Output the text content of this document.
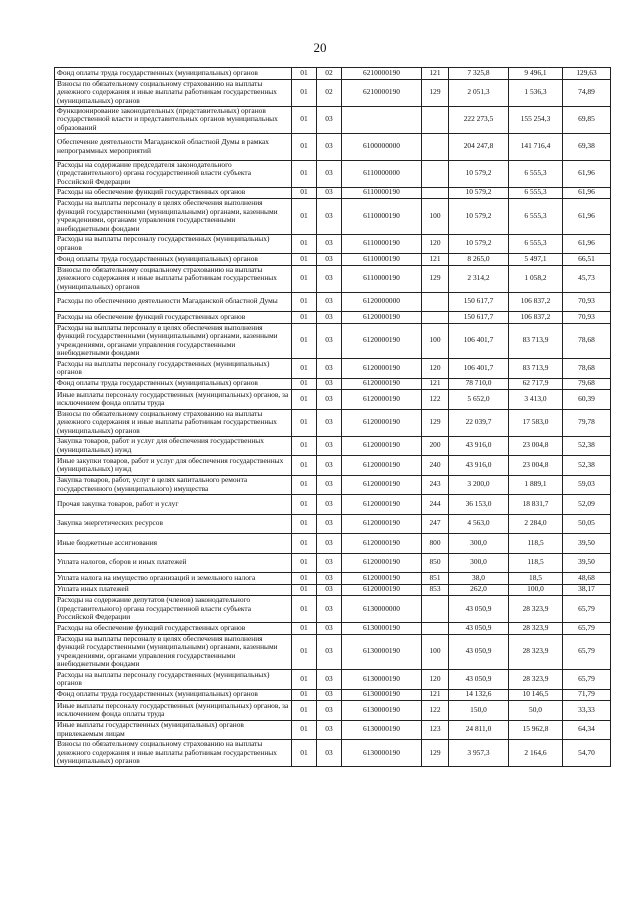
20
Фонд оплаты труда государственных (муниципальных) органов	01	02	6210000190	121	7 325,8	9 496,1	129,63
Взносы по обязательному социальному страхованию на выплаты денежного содержания и иные выплаты работникам государственных (муниципальных) органов	01	02	6210000190	129	2 051,3	1 536,3	74,89
Функционирование законодательных (представительных) органов государственной власти и представительных органов муниципальных образований	01	03			222 273,5	155 254,3	69,85
Обеспечение деятельности Магаданской областной Думы в рамках непрограммных мероприятий	01	03	6100000000		204 247,8	141 716,4	69,38
Расходы на содержание председателя законодательного (представительного) органа государственной власти субъекта Российской Федерации	01	03	6110000000		10 579,2	6 555,3	61,96
Расходы на обеспечение функций государственных органов	01	03	6110000190		10 579,2	6 555,3	61,96
Расходы на выплаты персоналу в целях обеспечения выполнения функций государственными (муниципальными) органами, казенными учреждениями, органами управления государственными внебюджетными фондами	01	03	6110000190	100	10 579,2	6 555,3	61,96
Расходы на выплаты персоналу государственных (муниципальных) органов	01	03	6110000190	120	10 579,2	6 555,3	61,96
Фонд оплаты труда государственных (муниципальных) органов	01	03	6110000190	121	8 265,0	5 497,1	66,51
Взносы по обязательному социальному страхованию на выплаты денежного содержания и иные выплаты работникам государственных (муниципальных) органов	01	03	6110000190	129	2 314,2	1 058,2	45,73
Расходы по обеспечению деятельности Магаданской областной Думы	01	03	6120000000		150 617,7	106 837,2	70,93
Расходы на обеспечение функций государственных органов	01	03	6120000190		150 617,7	106 837,2	70,93
Расходы на выплаты персоналу в целях обеспечения выполнения функций государственными (муниципальными) органами, казенными учреждениями, органами управления государственными внебюджетными фондами	01	03	6120000190	100	106 401,7	83 713,9	78,68
Расходы на выплаты персоналу государственных (муниципальных) органов	01	03	6120000190	120	106 401,7	83 713,9	78,68
Фонд оплаты труда государственных (муниципальных) органов	01	03	6120000190	121	78 710,0	62 717,9	79,68
Иные выплаты персоналу государственных (муниципальных) органов, за исключением фонда оплаты труда	01	03	6120000190	122	5 652,0	3 413,0	60,39
Взносы по обязательному социальному страхованию на выплаты денежного содержания и иные выплаты работникам государственных (муниципальных) органов	01	03	6120000190	129	22 039,7	17 583,0	79,78
Закупка товаров, работ и услуг для обеспечения государственных (муниципальных) нужд	01	03	6120000190	200	43 916,0	23 004,8	52,38
Иные закупки товаров, работ и услуг для обеспечения государственных (муниципальных) нужд	01	03	6120000190	240	43 916,0	23 004,8	52,38
Закупка товаров, работ, услуг в целях капитального ремонта государственного (муниципального) имущества	01	03	6120000190	243	3 200,0	1 889,1	59,03
Прочая закупка товаров, работ и услуг	01	03	6120000190	244	36 153,0	18 831,7	52,09
Закупка энергетических ресурсов	01	03	6120000190	247	4 563,0	2 284,0	50,05
Иные бюджетные ассигнования	01	03	6120000190	800	300,0	118,5	39,50
Уплата налогов, сборов и иных платежей	01	03	6120000190	850	300,0	118,5	39,50
Уплата налога на имущество организаций и земельного налога	01	03	6120000190	851	38,0	18,5	48,68
Уплата иных платежей	01	03	6120000190	853	262,0	100,0	38,17
Расходы на содержание депутатов (членов) законодательного (представительного) органа государственной власти субъекта Российской Федерации	01	03	6130000000		43 050,9	28 323,9	65,79
Расходы на обеспечение функций государственных органов	01	03	6130000190		43 050,9	28 323,9	65,79
Расходы на выплаты персоналу в целях обеспечения выполнения функций государственными (муниципальными) органами, казенными учреждениями, органами управления государственными внебюджетными фондами	01	03	6130000190	100	43 050,9	28 323,9	65,79
Расходы на выплаты персоналу государственных (муниципальных) органов	01	03	6130000190	120	43 050,9	28 323,9	65,79
Фонд оплаты труда государственных (муниципальных) органов	01	03	6130000190	121	14 132,6	10 146,5	71,79
Иные выплаты персоналу государственных (муниципальных) органов, за исключением фонда оплаты труда	01	03	6130000190	122	150,0	50,0	33,33
Иные выплаты государственных (муниципальных) органов привлекаемым лицам	01	03	6130000190	123	24 811,0	15 962,8	64,34
Взносы по обязательному социальному страхованию на выплаты денежного содержания и иные выплаты работникам государственных (муниципальных) органов	01	03	6130000190	129	3 957,3	2 164,6	54,70
